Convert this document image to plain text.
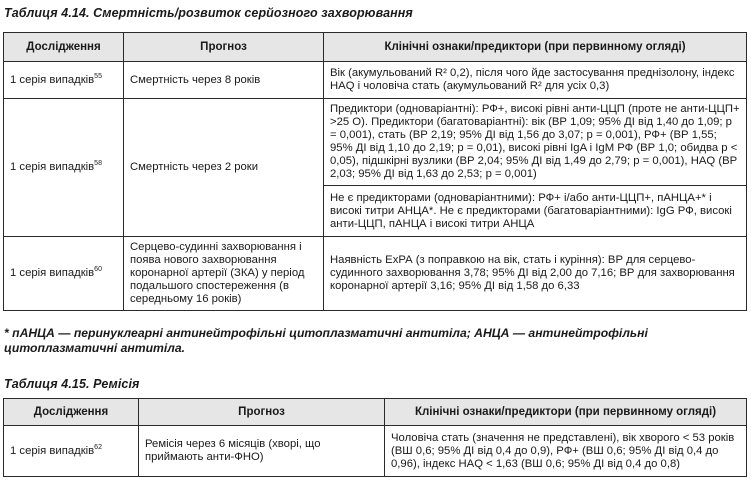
Таблиця 4.14. Смертність/розвиток серйозного захворювання
Дослідження	Прогноз	Клінічні ознаки/предиктори (при первинному огляді)
1 серія випадків$^{55}$	Смертність через 8 років	Вік (акумульований R² 0,2), після чого йде застосування преднізолону, індекс HAQ і чоловіча стать (акумульований R² для усіх 0,3)
1 серія випадків$^{58}$	Смертність через 2 роки	Предиктори (одноваріантні): РФ+, високі рівні анти-ЦЦП (проте не анти-ЦЦП+ >25 О). Предиктори (багатоваріантні): вік (ВР 1,09; 95% ДІ від 1,40 до 1,09; p = 0,001), стать (ВР 2,19; 95% ДІ від 1,56 до 3,07; p = 0,001), РФ+ (ВР 1,55; 95% ДІ від 1,10 до 2,19; p = 0,01), високі рівні IgA і IgM РФ (ВР 1,0; обидва p < 0,05), підшкірні вузлики (ВР 2,04; 95% ДІ від 1,49 до 2,79; p = 0,001), HAQ (ВР 2,03; 95% ДІ від 1,63 до 2,53; p = 0,001)
		Не є предикторами (одноваріантними): РФ+ і/або анти-ЦЦП+, пАНЦА+* і високі титри АНЦА*. Не є предикторами (багатоваріантними): IgG РФ, високі анти-ЦЦП, пАНЦА і високі титри АНЦА
1 серія випадків$^{60}$	Серцево-судинні захворювання і поява нового захворювання коронарної артерії (ЗКА) у період подальшого спостереження (в середньому 16 років)	Наявність ЕхРА (з поправкою на вік, стать і куріння): ВР для серцево-судинного захворювання 3,78; 95% ДІ від 2,00 до 7,16; ВР для захворювання коронарної артерії 3,16; 95% ДІ від 1,58 до 6,33
* пАНЦА — перинуклеарні антинейтрофільні цитоплазматичні антитіла; АНЦА — антинейтрофільні цитоплазматичні антитіла.
Таблиця 4.15. Ремісія
Дослідження	Прогноз	Клінічні ознаки/предиктори (при первинному огляді)
1 серія випадків$^{62}$	Ремісія через 6 місяців (хворі, що приймають анти-ФНО)	Чоловіча стать (значення не представлені), вік хворого < 53 років (ВШ 0,6; 95% ДІ від 0,4 до 0,9), РФ+ (ВШ 0,6; 95% ДІ від 0,4 до 0,96), індекс HAQ < 1,63 (ВШ 0,6; 95% ДІ від 0,4 до 0,8)
